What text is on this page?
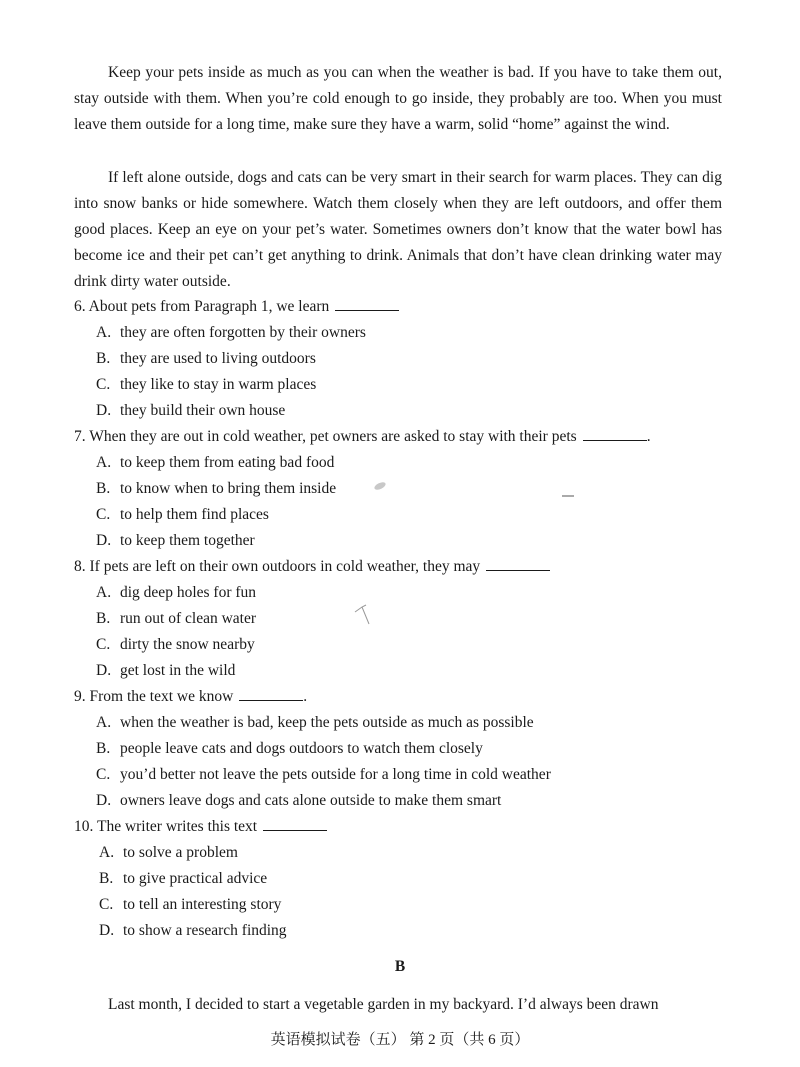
Keep your pets inside as much as you can when the weather is bad. If you have to take them out, stay outside with them. When you’re cold enough to go inside, they probably are too. When you must leave them outside for a long time, make sure they have a warm, solid “home” against the wind.

If left alone outside, dogs and cats can be very smart in their search for warm places. They can dig into snow banks or hide somewhere. Watch them closely when they are left outdoors, and offer them good places. Keep an eye on your pet’s water. Sometimes owners don’t know that the water bowl has become ice and their pet can’t get anything to drink. Animals that don’t have clean drinking water may drink dirty water outside.

6. About pets from Paragraph 1, we learn
A. they are often forgotten by their owners
B. they are used to living outdoors
C. they like to stay in warm places
D. they build their own house
7. When they are out in cold weather, pet owners are asked to stay with their pets	.
A. to keep them from eating bad food
B. to know when to bring them inside
C. to help them find places
D. to keep them together
8. If pets are left on their own outdoors in cold weather, they may
A. dig deep holes for fun
B. run out of clean water
C. dirty the snow nearby
D. get lost in the wild
9. From the text we know	.
A. when the weather is bad, keep the pets outside as much as possible
B. people leave cats and dogs outdoors to watch them closely
C. you’d better not leave the pets outside for a long time in cold weather
D. owners leave dogs and cats alone outside to make them smart
10. The writer writes this text
A. to solve a problem
B. to give practical advice
C. to tell an interesting story
D. to show a research finding
B

Last month, I decided to start a vegetable garden in my backyard. I’d always been drawn

英语模拟试卷（五） 第 2 页（共 6 页）
